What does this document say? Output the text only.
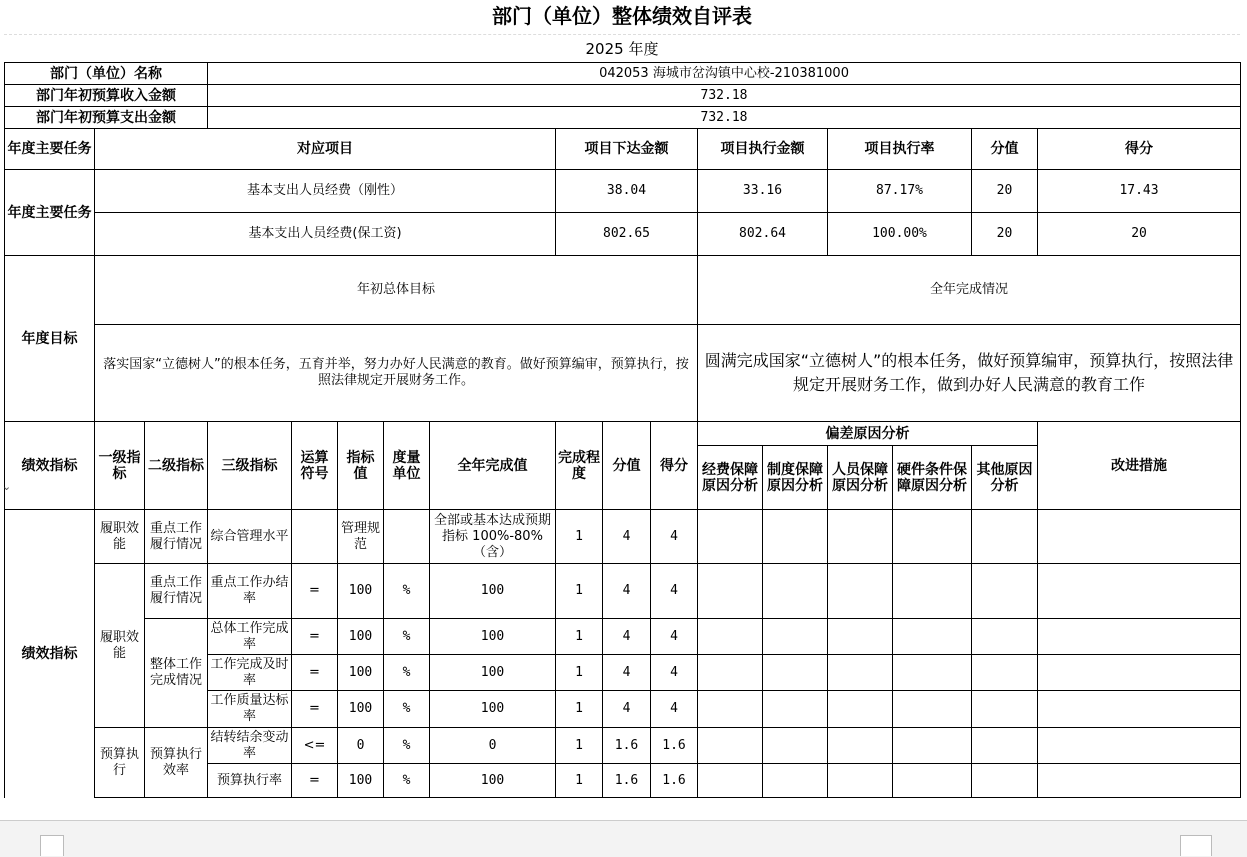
部门（单位）整体绩效自评表
2025 年度
部门（单位）名称			042053 海城市岔沟镇中心校-210381000													
部门年初预算收入金额			732.18													
部门年初预算支出金额			732.18													
年度主要任务	对应项目							项目下达金额			项目执行金额		项目执行率		分值	得分
年度主要任务	基本支出人员经费（刚性）							38.04			33.16		87.17%		20	17.43
	基本支出人员经费(保工资)							802.65			802.64		100.00%		20	20
年度目标	年初总体目标										全年完成情况					
	落实国家“立德树人”的根本任务，五育并举，努力办好人民满意的教育。做好预算编审，预算执行，按照法律规定开展财务工作。										圆满完成国家“立德树人”的根本任务，做好预算编审，预算执行，按照法律规定开展财务工作，做到办好人民满意的教育工作					
绩效指标	一级指标	二级指标	三级指标	运算符号	指标值	度量单位	全年完成值	完成程度	分值	得分	偏差原因分析					改进措施
											经费保障原因分析	制度保障原因分析	人员保障原因分析	硬件条件保障原因分析	其他原因分析	
绩效指标	履职效能	重点工作履行情况	综合管理水平		管理规范		全部或基本达成预期指标 100%-80%（含）	1	4	4						
	履职效能	重点工作履行情况	重点工作办结率	=	100	%	100	1	4	4						
		整体工作完成情况	总体工作完成率	=	100	%	100	1	4	4						
			工作完成及时率	=	100	%	100	1	4	4						
			工作质量达标率	=	100	%	100	1	4	4						
	预算执行	预算执行效率	结转结余变动率	<=	0	%	0	1	1.6	1.6						
			预算执行率	=	100	%	100	1	1.6	1.6						
⌄
